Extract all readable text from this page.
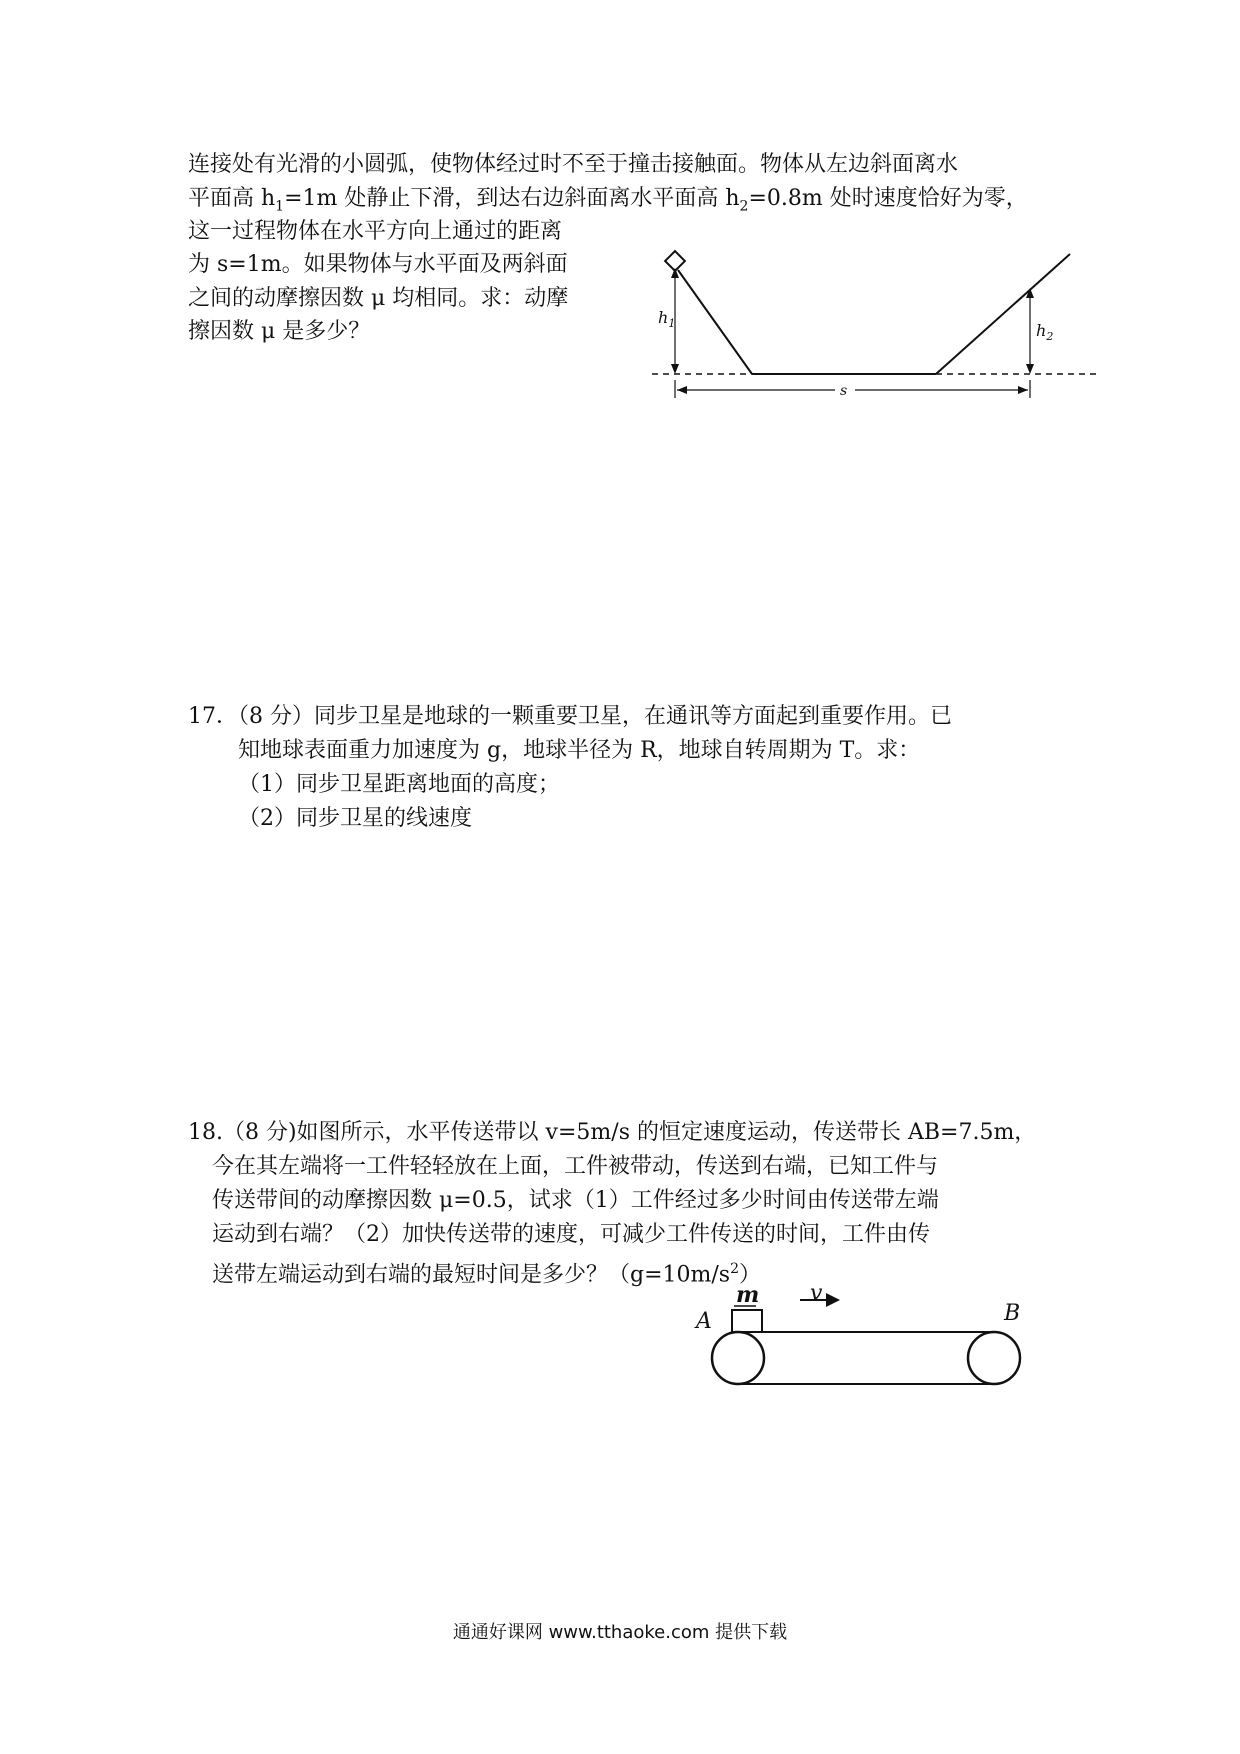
连接处有光滑的小圆弧，使物体经过时不至于撞击接触面。物体从左边斜面离水
平面高 $h_1=1m$ 处静止下滑，到达右边斜面离水平面高 $h_2=0.8m$ 处时速度恰好为零，
这一过程物体在水平方向上通过的距离
为 s=1m。如果物体与水平面及两斜面
之间的动摩擦因数 μ 均相同。求：动摩
擦因数 μ 是多少？
$h_1$	$h_2$
s
17．（8 分）同步卫星是地球的一颗重要卫星，在通讯等方面起到重要作用。已
知地球表面重力加速度为 g，地球半径为 R，地球自转周期为 T。求：
（1）同步卫星距离地面的高度；
（2）同步卫星的线速度
18.（8 分)如图所示，水平传送带以 v=5m/s 的恒定速度运动，传送带长 AB=7.5m，
今在其左端将一工件轻轻放在上面，工件被带动，传送到右端，已知工件与
传送带间的动摩擦因数 μ=0.5，试求（1）工件经过多少时间由传送带左端
运动到右端？（2）加快传送带的速度，可减少工件传送的时间，工件由传
送带左端运动到右端的最短时间是多少？$(g=10m/s^2)$
m v
A	B
通通好课网 www.tthaoke.com 提供下载
